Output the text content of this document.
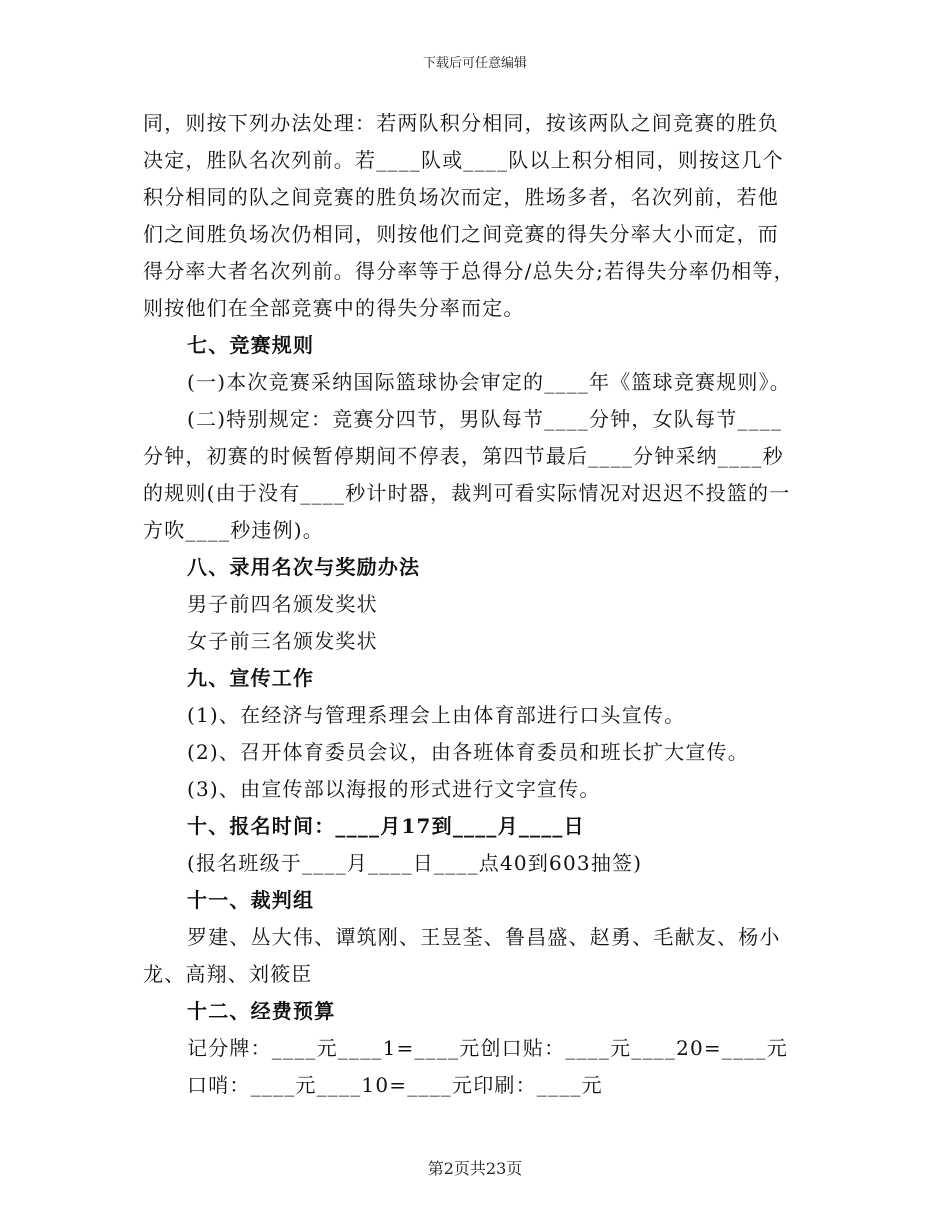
下载后可任意编辑
同，则按下列办法处理：若两队积分相同，按该两队之间竞赛的胜负
决定，胜队名次列前。若____队或____队以上积分相同，则按这几个
积分相同的队之间竞赛的胜负场次而定，胜场多者，名次列前，若他
们之间胜负场次仍相同，则按他们之间竞赛的得失分率大小而定，而
得分率大者名次列前。得分率等于总得分/总失分;若得失分率仍相等，
则按他们在全部竞赛中的得失分率而定。
七、竞赛规则
(一)本次竞赛采纳国际篮球协会审定的____年《篮球竞赛规则》。
(二)特别规定：竞赛分四节，男队每节____分钟，女队每节____
分钟，初赛的时候暂停期间不停表，第四节最后____分钟采纳____秒
的规则(由于没有____秒计时器，裁判可看实际情况对迟迟不投篮的一
方吹____秒违例)。
八、录用名次与奖励办法
男子前四名颁发奖状
女子前三名颁发奖状
九、宣传工作
(1)、在经济与管理系理会上由体育部进行口头宣传。
(2)、召开体育委员会议，由各班体育委员和班长扩大宣传。
(3)、由宣传部以海报的形式进行文字宣传。
十、报名时间：____月17到____月____日
(报名班级于____月____日____点40到603抽签)
十一、裁判组
罗建、丛大伟、谭筑刚、王昱荃、鲁昌盛、赵勇、毛献友、杨小
龙、高翔、刘筱臣
十二、经费预算
记分牌：____元____1=____元创口贴：____元____20=____元
口哨：____元____10=____元印刷：____元
第2页共23页
